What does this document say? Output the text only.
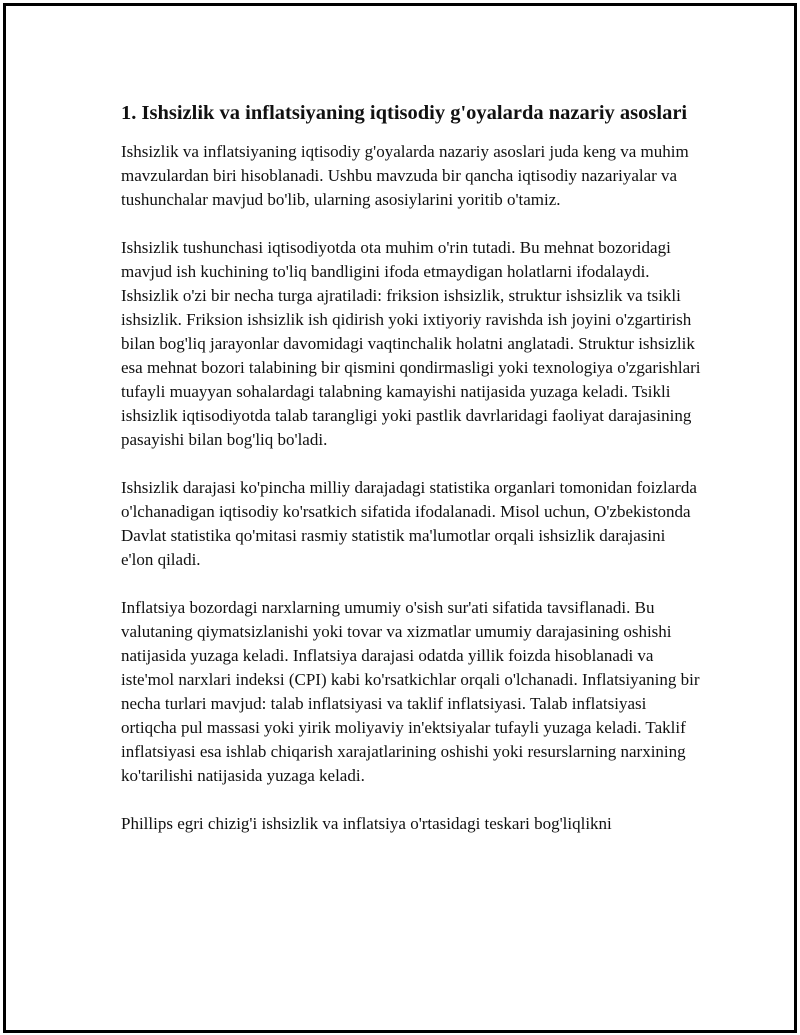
1. Ishsizlik va inflatsiyaning iqtisodiy g'oyalarda nazariy asoslari

Ishsizlik va inflatsiyaning iqtisodiy g'oyalarda nazariy asoslari juda keng va muhim mavzulardan biri hisoblanadi. Ushbu mavzuda bir qancha iqtisodiy nazariyalar va tushunchalar mavjud bo'lib, ularning asosiylarini yoritib o'tamiz.

Ishsizlik tushunchasi iqtisodiyotda ota muhim o'rin tutadi. Bu mehnat bozoridagi mavjud ish kuchining to'liq bandligini ifoda etmaydigan holatlarni ifodalaydi. Ishsizlik o'zi bir necha turga ajratiladi: friksion ishsizlik, struktur ishsizlik va tsikli ishsizlik. Friksion ishsizlik ish qidirish yoki ixtiyoriy ravishda ish joyini o'zgartirish bilan bog'liq jarayonlar davomidagi vaqtinchalik holatni anglatadi. Struktur ishsizlik esa mehnat bozori talabining bir qismini qondirmasligi yoki texnologiya o'zgarishlari tufayli muayyan sohalardagi talabning kamayishi natijasida yuzaga keladi. Tsikli ishsizlik iqtisodiyotda talab tarangligi yoki pastlik davrlaridagi faoliyat darajasining pasayishi bilan bog'liq bo'ladi.

Ishsizlik darajasi ko'pincha milliy darajadagi statistika organlari tomonidan foizlarda o'lchanadigan iqtisodiy ko'rsatkich sifatida ifodalanadi. Misol uchun, O'zbekistonda Davlat statistika qo'mitasi rasmiy statistik ma'lumotlar orqali ishsizlik darajasini e'lon qiladi.

Inflatsiya bozordagi narxlarning umumiy o'sish sur'ati sifatida tavsiflanadi. Bu valutaning qiymatsizlanishi yoki tovar va xizmatlar umumiy darajasining oshishi natijasida yuzaga keladi. Inflatsiya darajasi odatda yillik foizda hisoblanadi va iste'mol narxlari indeksi (CPI) kabi ko'rsatkichlar orqali o'lchanadi. Inflatsiyaning bir necha turlari mavjud: talab inflatsiyasi va taklif inflatsiyasi. Talab inflatsiyasi ortiqcha pul massasi yoki yirik moliyaviy in'ektsiyalar tufayli yuzaga keladi. Taklif inflatsiyasi esa ishlab chiqarish xarajatlarining oshishi yoki resurslarning narxining ko'tarilishi natijasida yuzaga keladi.

Phillips egri chizig'i ishsizlik va inflatsiya o'rtasidagi teskari bog'liqlikni
